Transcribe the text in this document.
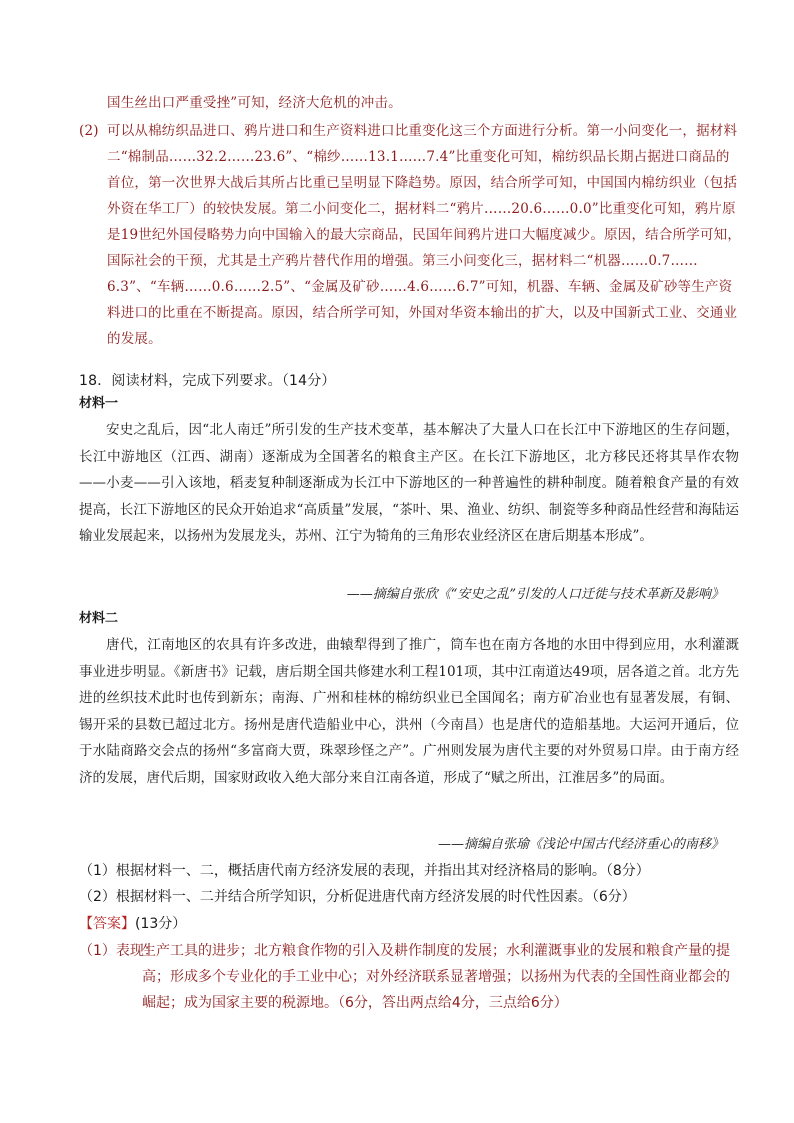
国生丝出口严重受挫”可知，经济大危机的冲击。
(2) 可以从棉纺织品进口、鸦片进口和生产资料进口比重变化这三个方面进行分析。第一小问变化一，据材料二“棉制品……32.2……23.6”、“棉纱……13.1……7.4”比重变化可知，棉纺织品长期占据进口商品的首位，第一次世界大战后其所占比重已呈明显下降趋势。原因，结合所学可知，中国国内棉纺织业（包括外资在华工厂）的较快发展。第二小问变化二，据材料二“鸦片……20.6……0.0”比重变化可知，鸦片原是19世纪外国侵略势力向中国输入的最大宗商品，民国年间鸦片进口大幅度减少。原因，结合所学可知，国际社会的干预，尤其是土产鸦片替代作用的增强。第三小问变化三，据材料二“机器……0.7……6.3”、“车辆……0.6……2.5”、“金属及矿砂……4.6……6.7”可知，机器、车辆、金属及矿砂等生产资料进口的比重在不断提高。原因，结合所学可知，外国对华资本输出的扩大，以及中国新式工业、交通业的发展。
18．阅读材料，完成下列要求。（14分）
材料一
安史之乱后，因“北人南迁”所引发的生产技术变革，基本解决了大量人口在长江中下游地区的生存问题，长江中游地区（江西、湖南）逐渐成为全国著名的粮食主产区。在长江下游地区，北方移民还将其旱作农物——小麦——引入该地，稻麦复种制逐渐成为长江中下游地区的一种普遍性的耕种制度。随着粮食产量的有效提高，长江下游地区的民众开始追求“高质量”发展，“茶叶、果、渔业、纺织、制瓷等多种商品性经营和海陆运输业发展起来，以扬州为发展龙头，苏州、江宁为犄角的三角形农业经济区在唐后期基本形成”。
——摘编自张欣《“安史之乱”引发的人口迁徙与技术革新及影响》
材料二
唐代，江南地区的农具有许多改进，曲辕犁得到了推广，筒车也在南方各地的水田中得到应用，水利灌溉事业进步明显。《新唐书》记载，唐后期全国共修建水利工程101项，其中江南道达49项，居各道之首。北方先进的丝织技术此时也传到新东；南海、广州和桂林的棉纺织业已全国闻名；南方矿冶业也有显著发展，有铜、锡开采的县数已超过北方。扬州是唐代造船业中心，洪州（今南昌）也是唐代的造船基地。大运河开通后，位于水陆商路交会点的扬州“多富商大贾，珠翠珍怪之产”。广州则发展为唐代主要的对外贸易口岸。由于南方经济的发展，唐代后期，国家财政收入绝大部分来自江南各道，形成了“赋之所出，江淮居多”的局面。
——摘编自张瑜《浅论中国古代经济重心的南移》
（1）根据材料一、二，概括唐代南方经济发展的表现，并指出其对经济格局的影响。（8分）
（2）根据材料一、二并结合所学知识，分析促进唐代南方经济发展的时代性因素。（6分）
【答案】(13分）
（1）表现：
生产工具的进步；北方粮食作物的引入及耕作制度的发展；水利灌溉事业的发展和粮食产量的提高；形成多个专业化的手工业中心；对外经济联系显著增强；以扬州为代表的全国性商业都会的崛起；成为国家主要的税源地。（6分，答出两点给4分，三点给6分）
